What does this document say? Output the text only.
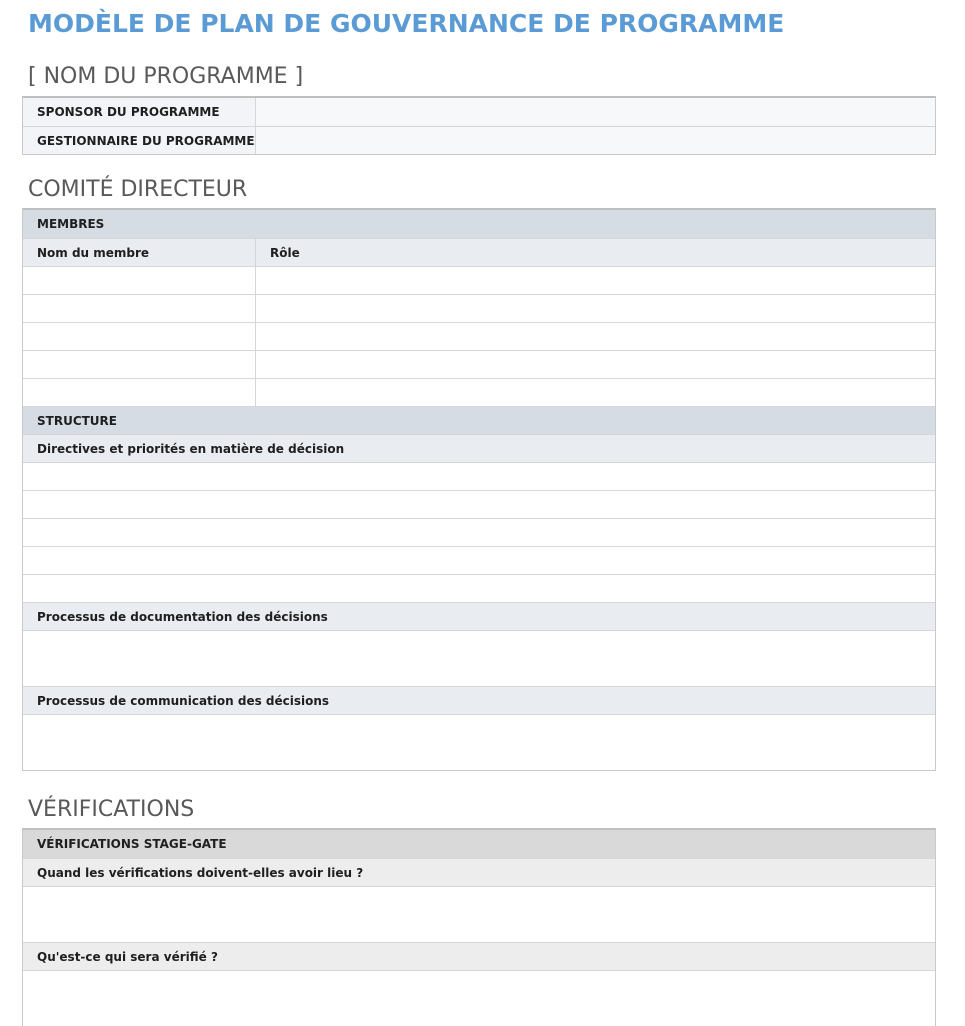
MODÈLE DE PLAN DE GOUVERNANCE DE PROGRAMME
[ NOM DU PROGRAMME ]
SPONSOR DU PROGRAMME
GESTIONNAIRE DU PROGRAMME
COMITÉ DIRECTEUR
MEMBRES
Nom du membre	Rôle
STRUCTURE
Directives et priorités en matière de décision
Processus de documentation des décisions
Processus de communication des décisions
VÉRIFICATIONS
VÉRIFICATIONS STAGE-GATE
Quand les vérifications doivent-elles avoir lieu ?
Qu'est-ce qui sera vérifié ?
